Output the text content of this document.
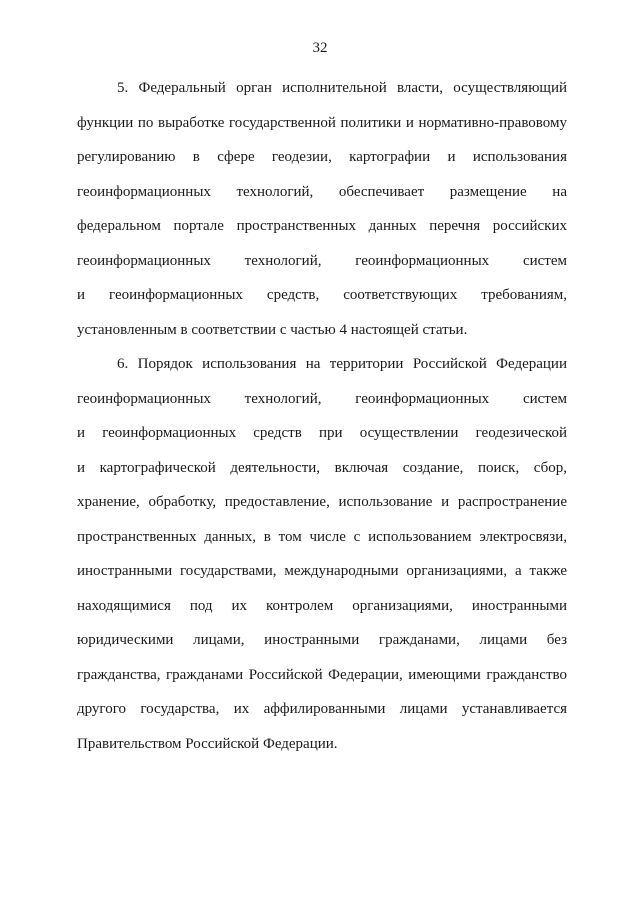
32
5. Федеральный орган исполнительной власти, осуществляющий
функции по выработке государственной политики и нормативно-правовому
регулированию в сфере геодезии, картографии и использования
геоинформационных технологий, обеспечивает размещение на
федеральном портале пространственных данных перечня российских
геоинформационных технологий, геоинформационных систем
и геоинформационных средств, соответствующих требованиям,
установленным в соответствии с частью 4 настоящей статьи.
6. Порядок использования на территории Российской Федерации
геоинформационных технологий, геоинформационных систем
и геоинформационных средств при осуществлении геодезической
и картографической деятельности, включая создание, поиск, сбор,
хранение, обработку, предоставление, использование и распространение
пространственных данных, в том числе с использованием электросвязи,
иностранными государствами, международными организациями, а также
находящимися под их контролем организациями, иностранными
юридическими лицами, иностранными гражданами, лицами без
гражданства, гражданами Российской Федерации, имеющими гражданство
другого государства, их аффилированными лицами устанавливается
Правительством Российской Федерации.
